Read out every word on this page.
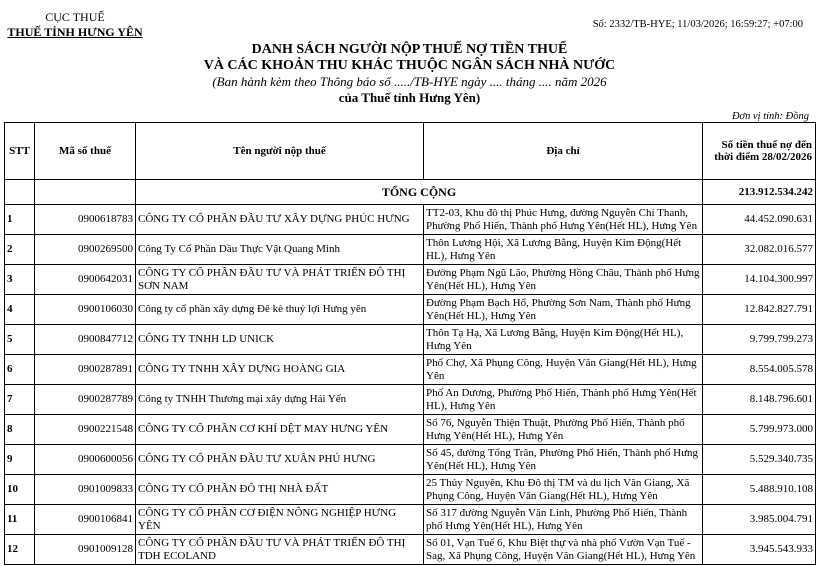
CỤC THUẾ
THUẾ TỈNH HƯNG YÊN
Số: 2332/TB-HYE; 11/03/2026; 16:59:27; +07:00
DANH SÁCH NGƯỜI NỘP THUẾ NỢ TIỀN THUẾ
VÀ CÁC KHOẢN THU KHÁC THUỘC NGÂN SÁCH NHÀ NƯỚC
(Ban hành kèm theo Thông báo số ...../TB-HYE ngày .... tháng .... năm 2026
của Thuế tỉnh Hưng Yên)
Đơn vị tính: Đồng
STT	Mã số thuế	Tên người nộp thuế	Địa chỉ	Số tiền thuế nợ đến
thời điểm 28/02/2026

		TỔNG CỘNG		213.912.534.242
1	0900618783	CÔNG TY CỔ PHẦN ĐẦU TƯ XÂY DỰNG PHÚC HƯNG	TT2-03, Khu đô thị Phúc Hưng, đường Nguyễn Chí Thanh, Phường Phố Hiến, Thành phố Hưng Yên(Hết HL), Hưng Yên	44.452.090.631
2	0900269500	Công Ty Cổ Phần Dầu Thực Vật Quang Minh	Thôn Lương Hội, Xã Lương Bằng, Huyện Kim Động(Hết HL), Hưng Yên	32.082.016.577
3	0900642031	CÔNG TY CỔ PHẦN ĐẦU TƯ VÀ PHÁT TRIỂN ĐÔ THỊ SƠN NAM	Đường Phạm Ngũ Lão, Phường Hồng Châu, Thành phố Hưng Yên(Hết HL), Hưng Yên	14.104.300.997
4	0900106030	Công ty cổ phần xây dựng Đê kè thuỷ lợi Hưng yên	Đường Phạm Bạch Hổ, Phường Sơn Nam, Thành phố Hưng Yên(Hết HL), Hưng Yên	12.842.827.791
5	0900847712	CÔNG TY TNHH LD UNICK	Thôn Tạ Hạ, Xã Lương Bằng, Huyện Kim Động(Hết HL), Hưng Yên	9.799.799.273
6	0900287891	CÔNG TY TNHH XÂY DỰNG HOÀNG GIA	Phố Chợ, Xã Phụng Công, Huyện Văn Giang(Hết HL), Hưng Yên	8.554.005.578
7	0900287789	Công ty TNHH Thương mại xây dựng Hải Yến	Phố An Dương, Phường Phố Hiến, Thành phố Hưng Yên(Hết HL), Hưng Yên	8.148.796.601
8	0900221548	CÔNG TY CỔ PHẦN CƠ KHÍ DỆT MAY HƯNG YÊN	Số 76, Nguyễn Thiện Thuật, Phường Phố Hiến, Thành phố Hưng Yên(Hết HL), Hưng Yên	5.799.973.000
9	0900600056	CÔNG TY CỔ PHẦN ĐẦU TƯ XUÂN PHÚ HƯNG	Số 45, đường Tống Trân, Phường Phố Hiến, Thành phố Hưng Yên(Hết HL), Hưng Yên	5.529.340.735
10	0901009833	CÔNG TY CỔ PHẦN ĐÔ THỊ NHÀ ĐẤT	25 Thủy Nguyên, Khu Đô thị TM và du lịch Văn Giang, Xã Phụng Công, Huyện Văn Giang(Hết HL), Hưng Yên	5.488.910.108
11	0900106841	CÔNG TY CỔ PHẦN CƠ ĐIỆN NÔNG NGHIỆP HƯNG YÊN	Số 317 đường Nguyễn Văn Linh, Phường Phố Hiến, Thành phố Hưng Yên(Hết HL), Hưng Yên	3.985.004.791
12	0901009128	CÔNG TY CỔ PHẦN ĐẦU TƯ VÀ PHÁT TRIỂN ĐÔ THỊ TDH ECOLAND	Số 01, Vạn Tuế 6, Khu Biệt thự và nhà phố Vườn Vạn Tuế - Sag, Xã Phụng Công, Huyện Văn Giang(Hết HL), Hưng Yên	3.945.543.933
